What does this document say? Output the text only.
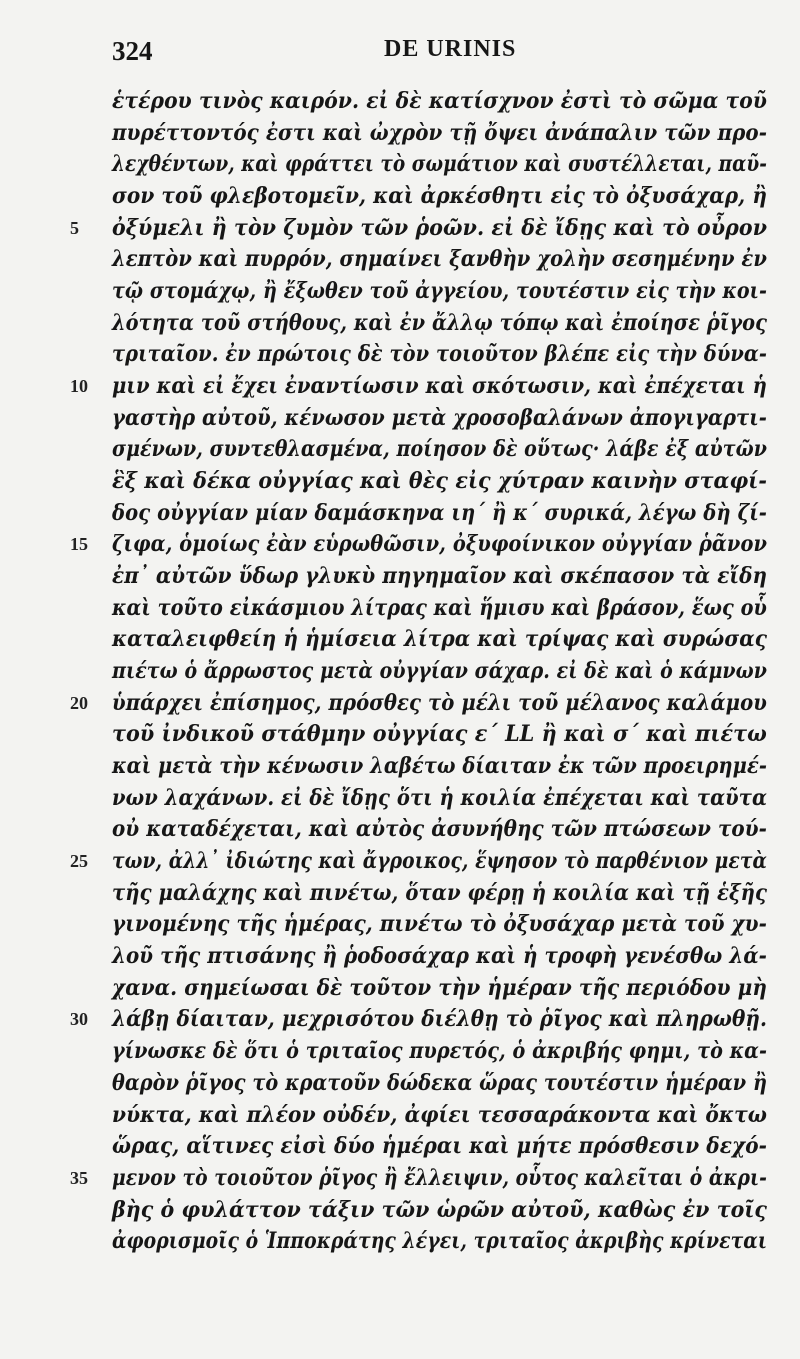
324	DE URINIS
ἑτέρου τινὸς καιρόν. εἰ δὲ κατίσχνον ἐστὶ τὸ σῶμα τοῦ
πυρέττοντός ἐστι καὶ ὠχρὸν τῇ ὄψει ἀνάπαλιν τῶν προ-
λεχθέντων, καὶ φράττει τὸ σωμάτιον καὶ συστέλλεται, παῦ-
σον τοῦ φλεβοτομεῖν, καὶ ἀρκέσθητι εἰς τὸ ὀξυσάχαρ, ἢ
5	ὀξύμελι ἢ τὸν ζυμὸν τῶν ῥοῶν. εἰ δὲ ἴδῃς καὶ τὸ οὖρον
λεπτὸν καὶ πυρρόν, σημαίνει ξανθὴν χολὴν σεσημένην ἐν
τῷ στομάχῳ, ἢ ἔξωθεν τοῦ ἀγγείου, τουτέστιν εἰς τὴν κοι-
λότητα τοῦ στήθους, καὶ ἐν ἄλλῳ τόπῳ καὶ ἐποίησε ῥῖγος
τριταῖον. ἐν πρώτοις δὲ τὸν τοιοῦτον βλέπε εἰς τὴν δύνα-
10	μιν καὶ εἰ ἔχει ἐναντίωσιν καὶ σκότωσιν, καὶ ἐπέχεται ἡ
γαστὴρ αὐτοῦ, κένωσον μετὰ χροσοβαλάνων ἀπογιγαρτι-
σμένων, συντεθλασμένα, ποίησον δὲ οὕτως· λάβε ἐξ αὐτῶν
ἓξ καὶ δέκα οὐγγίας καὶ θὲς εἰς χύτραν καινὴν σταφί-
δος οὐγγίαν μίαν δαμάσκηνα ιη΄ ἢ κ΄ συρικά, λέγω δὴ ζί-
15	ζιφα, ὁμοίως ἐὰν εὑρωθῶσιν, ὀξυφοίνικον οὐγγίαν ῥᾶνον
ἐπ᾿ αὐτῶν ὕδωρ γλυκὺ πηγημαῖον καὶ σκέπασον τὰ εἴδη
καὶ τοῦτο εἰκάσμιου λίτρας καὶ ἥμισυ καὶ βράσον, ἕως οὗ
καταλειφθείη ἡ ἡμίσεια λίτρα καὶ τρίψας καὶ συρώσας
πιέτω ὁ ἄρρωστος μετὰ οὐγγίαν σάχαρ. εἰ δὲ καὶ ὁ κάμνων
20	ὑπάρχει ἐπίσημος, πρόσθες τὸ μέλι τοῦ μέλανος καλάμου
τοῦ ἰνδικοῦ στάθμην οὐγγίας ε΄ LL ἢ καὶ σ΄ καὶ πιέτω
καὶ μετὰ τὴν κένωσιν λαβέτω δίαιταν ἐκ τῶν προειρημέ-
νων λαχάνων. εἰ δὲ ἴδῃς ὅτι ἡ κοιλία ἐπέχεται καὶ ταῦτα
οὐ καταδέχεται, καὶ αὐτὸς ἀσυνήθης τῶν πτώσεων τού-
25	των, ἀλλ᾿ ἰδιώτης καὶ ἄγροικος, ἕψησον τὸ παρθένιον μετὰ
τῆς μαλάχης καὶ πινέτω, ὅταν φέρῃ ἡ κοιλία καὶ τῇ ἑξῆς
γινομένης τῆς ἡμέρας, πινέτω τὸ ὀξυσάχαρ μετὰ τοῦ χυ-
λοῦ τῆς πτισάνης ἢ ῥοδοσάχαρ καὶ ἡ τροφὴ γενέσθω λά-
χανα. σημείωσαι δὲ τοῦτον τὴν ἡμέραν τῆς περιόδου μὴ
30	λάβῃ δίαιταν, μεχρισότου διέλθῃ τὸ ῥῖγος καὶ πληρωθῇ.
γίνωσκε δὲ ὅτι ὁ τριταῖος πυρετός, ὁ ἀκριβής φημι, τὸ κα-
θαρὸν ῥῖγος τὸ κρατοῦν δώδεκα ὥρας τουτέστιν ἡμέραν ἢ
νύκτα, καὶ πλέον οὐδέν, ἀφίει τεσσαράκοντα καὶ ὄκτω
ὥρας, αἵτινες εἰσὶ δύο ἡμέραι καὶ μήτε πρόσθεσιν δεχό-
35	μενον τὸ τοιοῦτον ῥῖγος ἢ ἔλλειψιν, οὗτος καλεῖται ὁ ἀκρι-
βὴς ὁ φυλάττον τάξιν τῶν ὡρῶν αὐτοῦ, καθὼς ἐν τοῖς
ἀφορισμοῖς ὁ Ἱπποκράτης λέγει, τριταῖος ἀκριβὴς κρίνεται
